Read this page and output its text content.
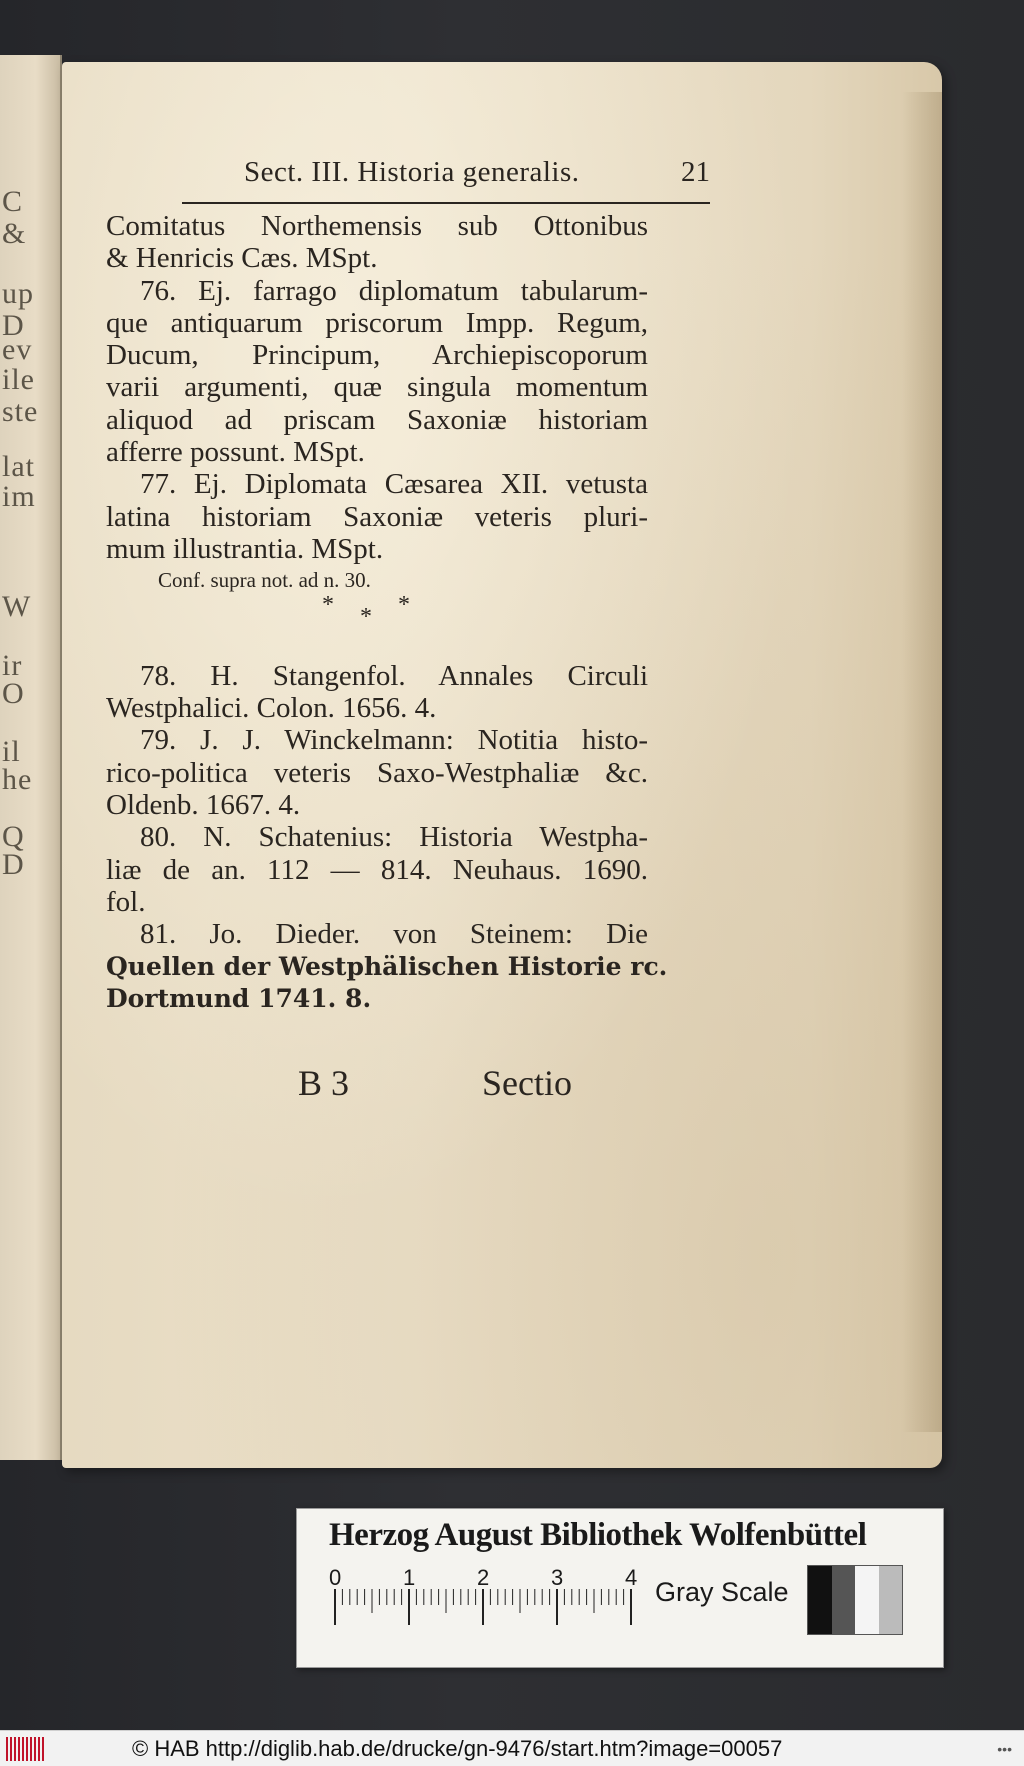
C
&
up
D
ev
ile
ste
lat
im
W
ir
O
il
he
Q
D
Sect. III. Historia generalis.	21
Comitatus Northemensis sub Ottonibus
& Henricis Cæs. MSpt.
76. Ej. farrago diplomatum tabularum-
que antiquarum priscorum Impp. Regum,
Ducum, Principum, Archiepiscoporum
varii argumenti, quæ singula momentum
aliquod ad priscam Saxoniæ historiam
afferre possunt. MSpt.
77. Ej. Diplomata Cæsarea XII. vetusta
latina historiam Saxoniæ veteris pluri-
mum illustrantia. MSpt.
Conf. supra not. ad n. 30.
78. H. Stangenfol. Annales Circuli
Westphalici. Colon. 1656. 4.
79. J. J. Winckelmann: Notitia histo-
rico-politica veteris Saxo-Westphaliæ &c.
Oldenb. 1667. 4.
80. N. Schatenius: Historia Westpha-
liæ de an. 112 — 814. Neuhaus. 1690.
fol.
81. Jo. Dieder. von Steinem: Die
Quellen der Westphälischen Historie rc.
Dortmund 1741. 8.
* * *
B 3	Sectio
Herzog August Bibliothek Wolfenbüttel
0	1	2	3	4 Gray Scale
© HAB http://diglib.hab.de/drucke/gn-9476/start.htm?image=00057	•••
